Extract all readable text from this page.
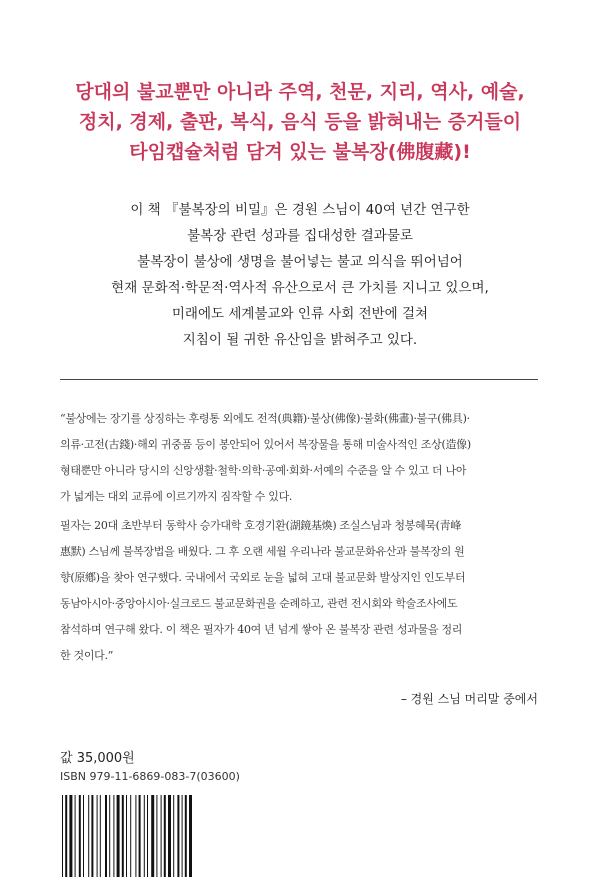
당대의 불교뿐만 아니라 주역, 천문, 지리, 역사, 예술,
정치, 경제, 출판, 복식, 음식 등을 밝혀내는 증거들이
타임캡슐처럼 담겨 있는 불복장(佛腹藏)!
이 책 『불복장의 비밀』은 경원 스님이 40여 년간 연구한
불복장 관련 성과를 집대성한 결과물로
불복장이 불상에 생명을 불어넣는 불교 의식을 뛰어넘어
현재 문화적·학문적·역사적 유산으로서 큰 가치를 지니고 있으며,
미래에도 세계불교와 인류 사회 전반에 걸쳐
지침이 될 귀한 유산임을 밝혀주고 있다.
“불상에는 장기를 상징하는 후령통 외에도 전적(典籍)·불상(佛像)·불화(佛畫)·불구(佛具)·
의류·고전(古錢)·해외 귀중품 등이 봉안되어 있어서 복장물을 통해 미술사적인 조상(造像)
형태뿐만 아니라 당시의 신앙생활·철학·의학·공예·회화·서예의 수준을 알 수 있고 더 나아
가 넓게는 대외 교류에 이르기까지 짐작할 수 있다.
필자는 20대 초반부터 동학사 승가대학 호경기환(湖鏡基煥) 조실스님과 청봉혜묵(靑峰
惠默) 스님께 불복장법을 배웠다. 그 후 오랜 세월 우리나라 불교문화유산과 불복장의 원
향(原鄕)을 찾아 연구했다. 국내에서 국외로 눈을 넓혀 고대 불교문화 발상지인 인도부터
동남아시아·중앙아시아·실크로드 불교문화권을 순례하고, 관련 전시회와 학술조사에도
참석하며 연구해 왔다. 이 책은 필자가 40여 년 넘게 쌓아 온 불복장 관련 성과물을 정리
한 것이다.”
– 경원 스님 머리말 중에서
값 35,000원
ISBN 979-11-6869-083-7(03600)
